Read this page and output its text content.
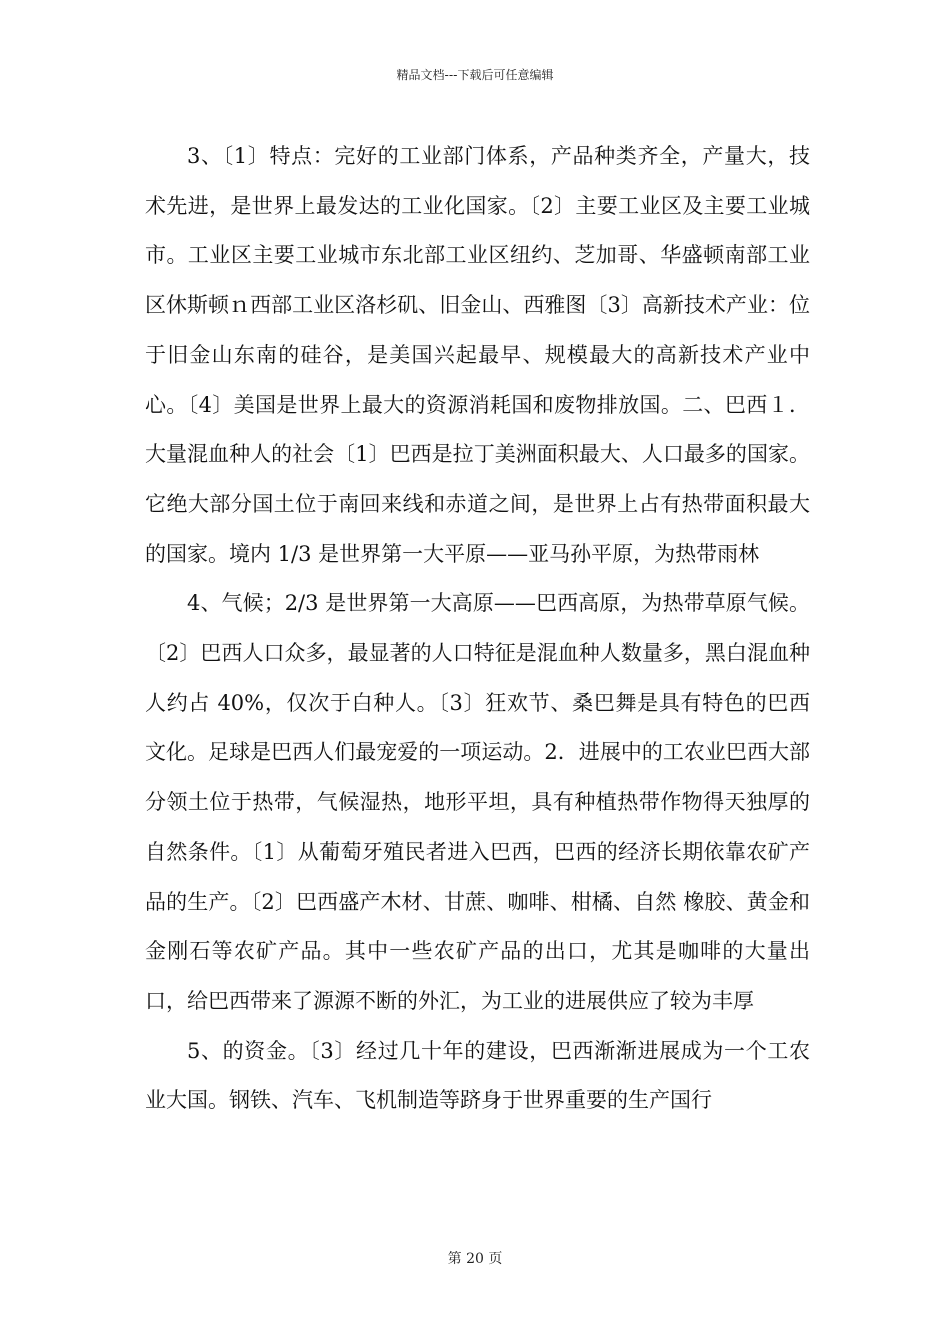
精品文档---下载后可任意编辑

3、〔1〕特点：完好的工业部门体系，产品种类齐全，产量大，技术先进，是世界上最发达的工业化国家。〔2〕主要工业区及主要工业城市。工业区主要工业城市东北部工业区纽约、芝加哥、华盛顿南部工业区休斯顿ｎ西部工业区洛杉矶、旧金山、西雅图〔3〕高新技术产业：位于旧金山东南的硅谷，是美国兴起最早、规模最大的高新技术产业中心。〔4〕美国是世界上最大的资源消耗国和废物排放国。二、巴西１．大量混血种人的社会〔1〕巴西是拉丁美洲面积最大、人口最多的国家。它绝大部分国土位于南回来线和赤道之间，是世界上占有热带面积最大的国家。境内 1/3 是世界第一大平原——亚马孙平原，为热带雨林

4、气候；2/3 是世界第一大高原——巴西高原，为热带草原气候。〔2〕巴西人口众多，最显著的人口特征是混血种人数量多，黑白混血种人约占 40%，仅次于白种人。〔3〕狂欢节、桑巴舞是具有特色的巴西文化。足球是巴西人们最宠爱的一项运动。2．进展中的工农业巴西大部分领土位于热带，气候湿热，地形平坦，具有种植热带作物得天独厚的自然条件。〔1〕从葡萄牙殖民者进入巴西，巴西的经济长期依靠农矿产品的生产。〔2〕巴西盛产木材、甘蔗、咖啡、柑橘、自然 橡胶、黄金和金刚石等农矿产品。其中一些农矿产品的出口，尤其是咖啡的大量出口，给巴西带来了源源不断的外汇，为工业的进展供应了较为丰厚

5、的资金。〔3〕经过几十年的建设，巴西渐渐进展成为一个工农业大国。钢铁、汽车、飞机制造等跻身于世界重要的生产国行

第 20 页
